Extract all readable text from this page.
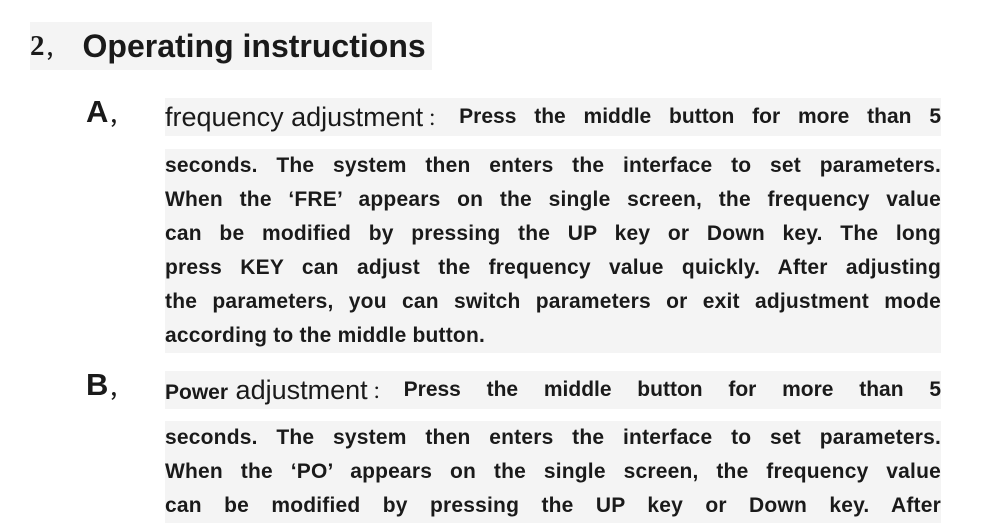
2 ， Operating instructions
A， frequency adjustment ： Press the middle button for more than 5
seconds. The system then enters the interface to set parameters.
When the ‘FRE’ appears on the single screen, the frequency value
can be modified by pressing the UP key or Down key. The long
press KEY can adjust the frequency value quickly. After adjusting
the parameters, you can switch parameters or exit adjustment mode
according to the middle button.
B， Power adjustment ： Press the middle button for more than 5
seconds. The system then enters the interface to set parameters.
When the ‘PO’ appears on the single screen, the frequency value
can be modified by pressing the UP key or Down key. After
